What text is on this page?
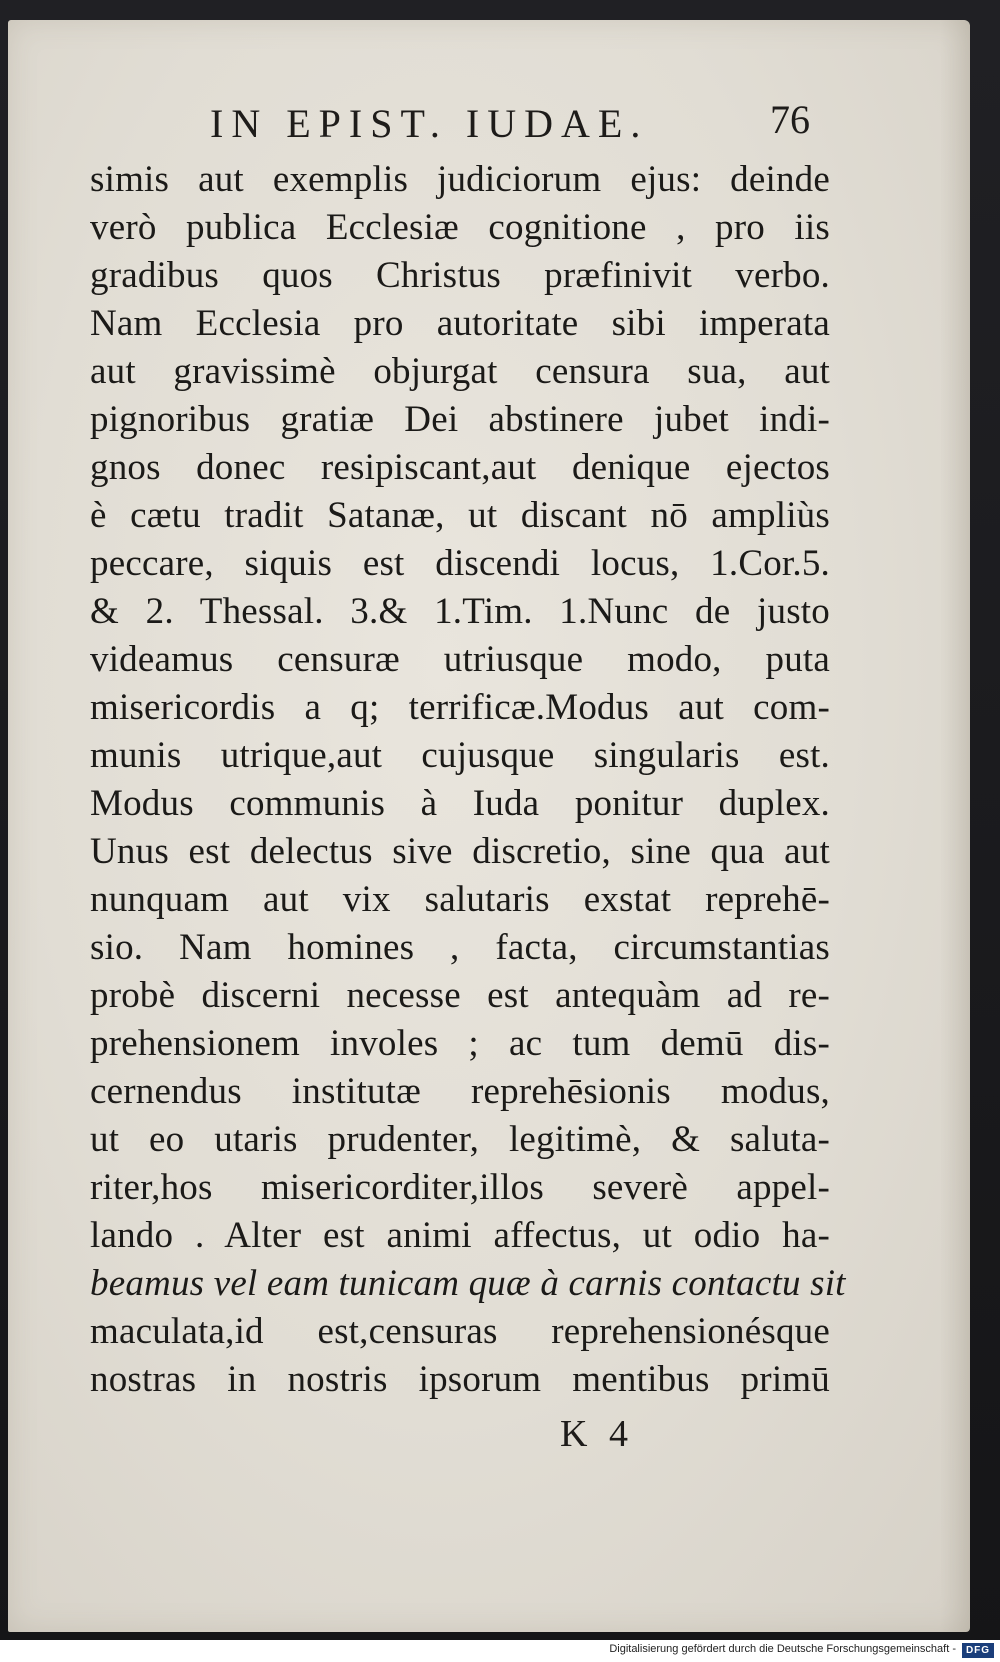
IN EPIST. IUDAE.	76
simis aut exemplis judiciorum ejus: deinde
verò publica Ecclesiæ cognitione , pro iis
gradibus quos Christus præfinivit verbo.
Nam Ecclesia pro autoritate sibi imperata
aut gravissimè objurgat censura sua, aut
pignoribus gratiæ Dei abstinere jubet indi-
gnos donec resipiscant,aut denique ejectos
è cætu tradit Satanæ, ut discant nō ampliùs
peccare, siquis est discendi locus, 1.Cor.5.
& 2. Thessal. 3.& 1.Tim. 1.Nunc de justo
videamus censuræ utriusque modo, puta
misericordis a q; terrificæ.Modus aut com-
munis utrique,aut cujusque singularis est.
Modus communis à Iuda ponitur duplex.
Unus est delectus sive discretio, sine qua aut
nunquam aut vix salutaris exstat reprehē-
sio. Nam homines , facta, circumstantias
probè discerni necesse est antequàm ad re-
prehensionem involes ; ac tum demū dis-
cernendus institutæ reprehēsionis modus,
ut eo utaris prudenter, legitimè, & saluta-
riter,hos misericorditer,illos severè appel-
lando . Alter est animi affectus, ut odio ha-
beamus vel eam tunicam quæ à carnis contactu sit
maculata,id est,censuras reprehensionésque
nostras in nostris ipsorum mentibus primū
K 4
Digitalisierung gefördert durch die Deutsche Forschungsgemeinschaft - DFG
